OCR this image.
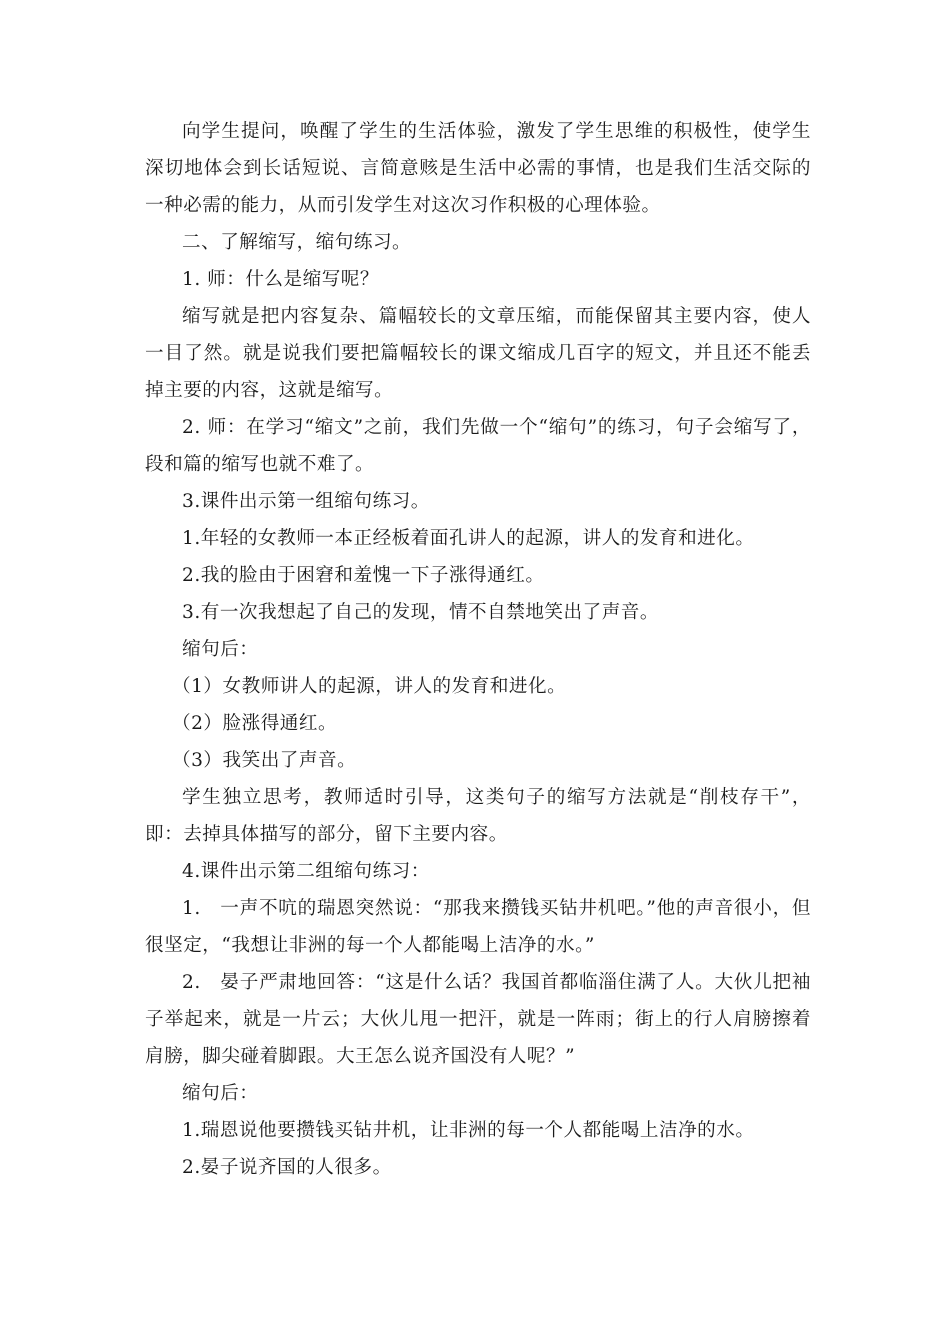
向学生提问，唤醒了学生的生活体验，激发了学生思维的积极性，使学生深切地体会到长话短说、言简意赅是生活中必需的事情，也是我们生活交际的一种必需的能力，从而引发学生对这次习作积极的心理体验。

二、了解缩写，缩句练习。

1. 师：什么是缩写呢？

缩写就是把内容复杂、篇幅较长的文章压缩，而能保留其主要内容，使人一目了然。就是说我们要把篇幅较长的课文缩成几百字的短文，并且还不能丢掉主要的内容，这就是缩写。

2. 师：在学习“缩文”之前，我们先做一个“缩句”的练习，句子会缩写了，段和篇的缩写也就不难了。

3.课件出示第一组缩句练习。

1.年轻的女教师一本正经板着面孔讲人的起源，讲人的发育和进化。

2.我的脸由于困窘和羞愧一下子涨得通红。

3.有一次我想起了自己的发现，情不自禁地笑出了声音。

缩句后：

（1）女教师讲人的起源，讲人的发育和进化。

（2）脸涨得通红。

（3）我笑出了声音。

学生独立思考，教师适时引导，这类句子的缩写方法就是“削枝存干”，即：去掉具体描写的部分，留下主要内容。

4.课件出示第二组缩句练习：

1.　一声不吭的瑞恩突然说：“那我来攒钱买钻井机吧。”他的声音很小，但很坚定，“我想让非洲的每一个人都能喝上洁净的水。”

2.　晏子严肃地回答：“这是什么话？我国首都临淄住满了人。大伙儿把袖子举起来，就是一片云；大伙儿甩一把汗，就是一阵雨；街上的行人肩膀擦着肩膀，脚尖碰着脚跟。大王怎么说齐国没有人呢？”

缩句后：

1.瑞恩说他要攒钱买钻井机，让非洲的每一个人都能喝上洁净的水。

2.晏子说齐国的人很多。
